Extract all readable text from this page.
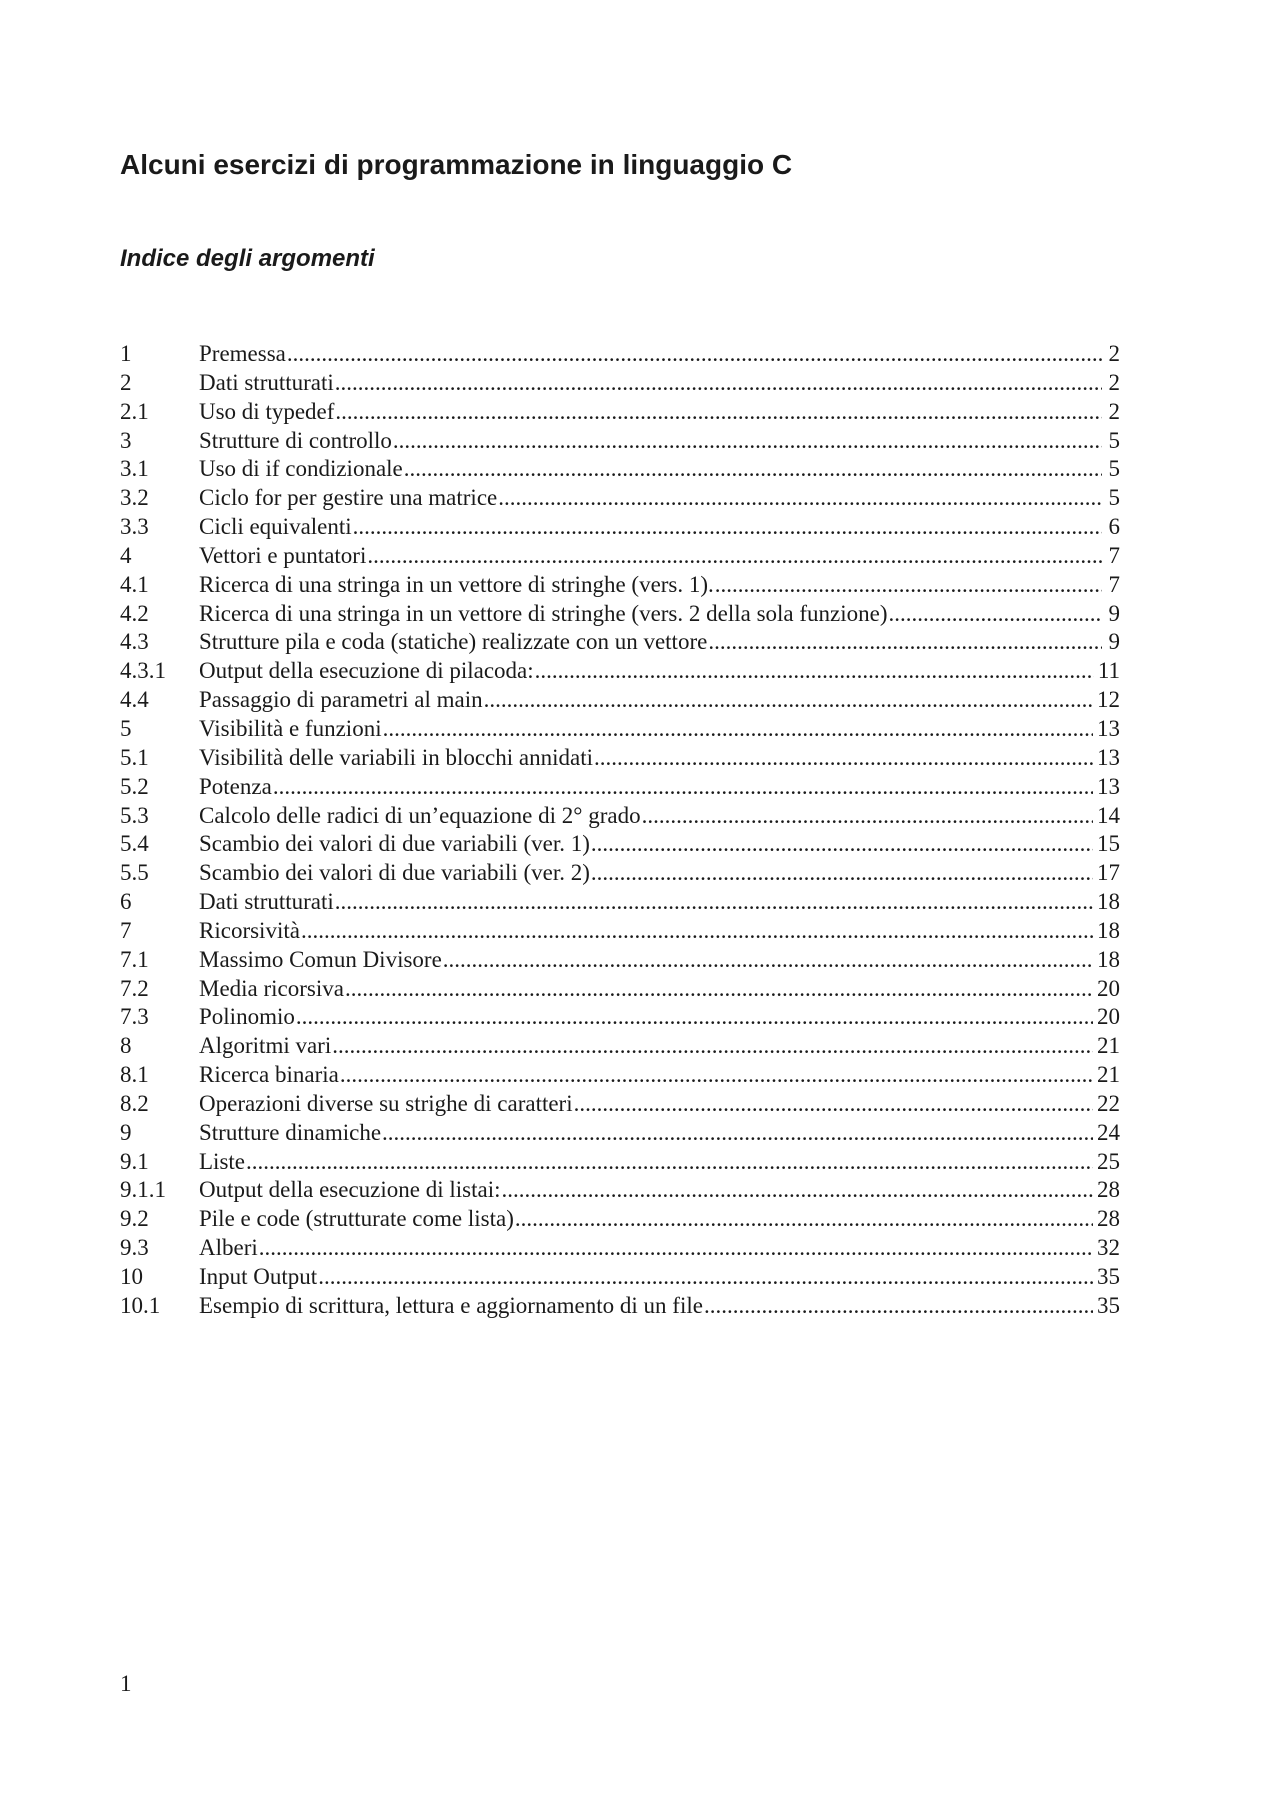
Alcuni esercizi di programmazione in linguaggio C
Indice degli argomenti
1	Premessa .....	2
2	Dati strutturati .....	2
2.1	Uso di typedef .....	2
3	Strutture di controllo .....	5
3.1	Uso di if condizionale .....	5
3.2	Ciclo for per gestire una matrice .....	5
3.3	Cicli equivalenti .....	6
4	Vettori e puntatori .....	7
4.1	Ricerca di una stringa in un vettore di stringhe (vers. 1). .....	7
4.2	Ricerca di una stringa in un vettore di stringhe (vers. 2 della sola funzione) .....	9
4.3	Strutture pila e coda (statiche) realizzate con un vettore .....	9
4.3.1	Output della esecuzione di pilacoda: .....	11
4.4	Passaggio di parametri al main .....	12
5	Visibilità e funzioni .....	13
5.1	Visibilità delle variabili in blocchi annidati .....	13
5.2	Potenza .....	13
5.3	Calcolo delle radici di un’equazione di 2° grado .....	14
5.4	Scambio dei valori di due variabili (ver. 1) .....	15
5.5	Scambio dei valori di due variabili (ver. 2) .....	17
6	Dati strutturati .....	18
7	Ricorsività .....	18
7.1	Massimo Comun Divisore .....	18
7.2	Media ricorsiva .....	20
7.3	Polinomio .....	20
8	Algoritmi vari .....	21
8.1	Ricerca binaria .....	21
8.2	Operazioni diverse su strighe di caratteri .....	22
9	Strutture dinamiche .....	24
9.1	Liste .....	25
9.1.1	Output della esecuzione di listai: .....	28
9.2	Pile e code (strutturate come lista) .....	28
9.3	Alberi .....	32
10	Input Output .....	35
10.1	Esempio di scrittura, lettura e aggiornamento di un file .....	35
1
